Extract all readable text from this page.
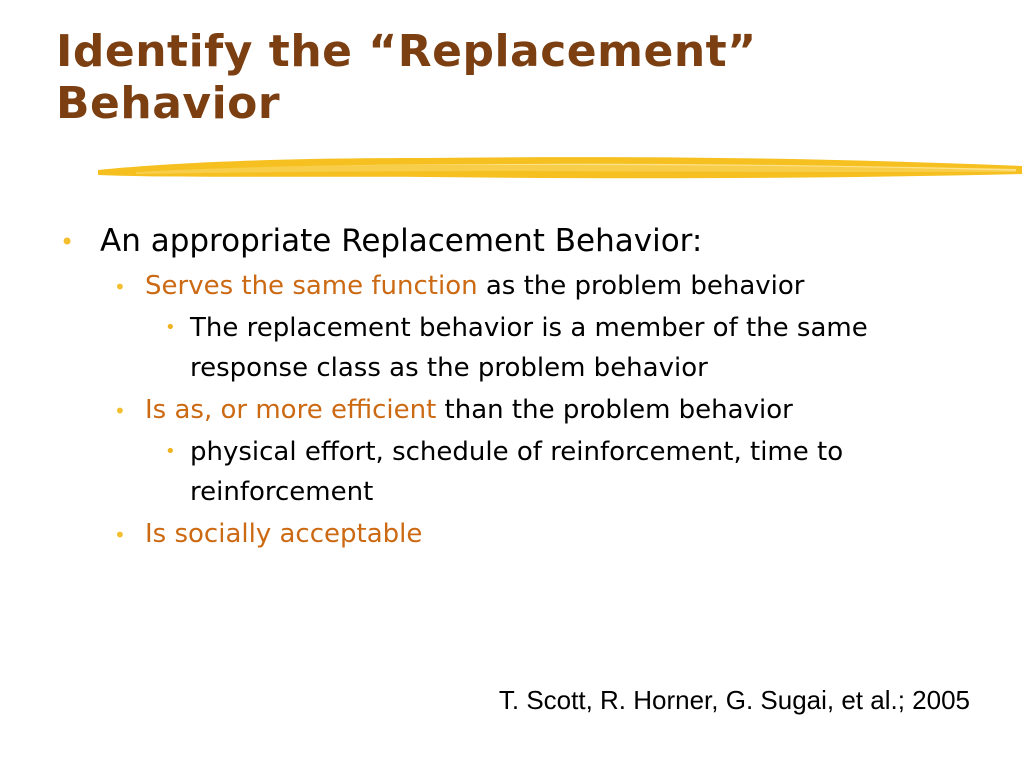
Identify the “Replacement”
Behavior
• An appropriate Replacement Behavior:
• Serves the same function as the problem behavior
• The replacement behavior is a member of the same response class as the problem behavior
• Is as, or more efficient than the problem behavior
• physical effort, schedule of reinforcement, time to reinforcement
• Is socially acceptable
T. Scott, R. Horner, G. Sugai, et al.; 2005
